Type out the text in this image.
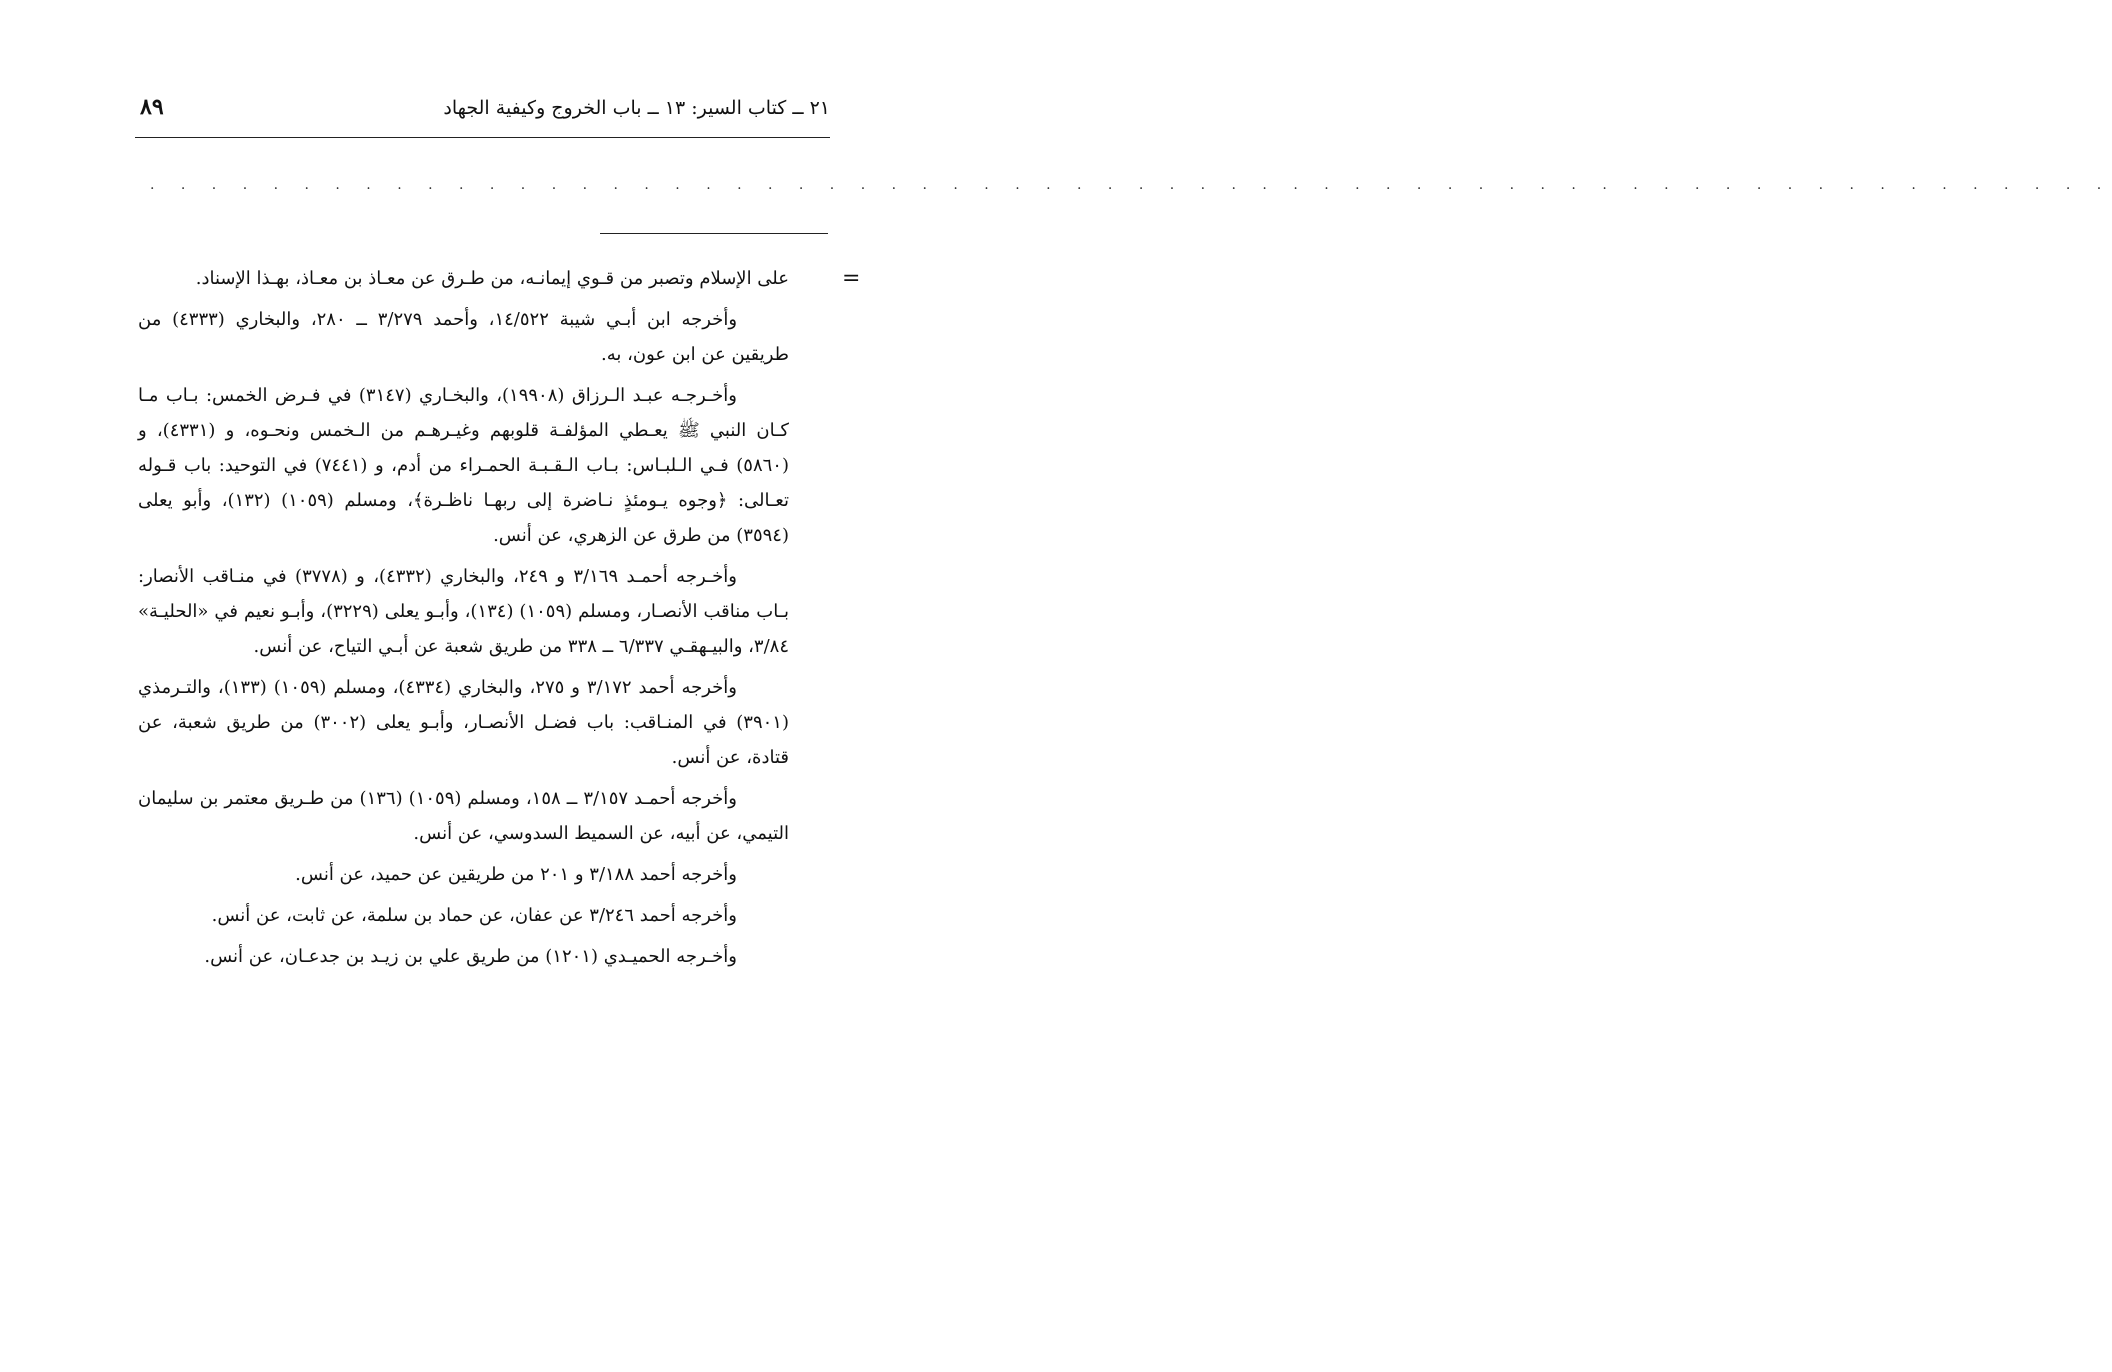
٢١ ــ كتاب السير: ١٣ ــ باب الخروج وكيفية الجهاد
٨٩
. . . . . . . . . . . . . . . . . . . . . . . . . . . . . . . . . . . . . . . . . . . . . . . . . . . . . . . . . . . . . . . .
=

على الإسلام وتصبر من قـوي إيمانـه، من طـرق عن معـاذ بن معـاذ، بهـذا الإسناد.

وأخرجه ابن أبـي شيبة ١٤/٥٢٢، وأحمد ٣/٢٧٩ ــ ٢٨٠، والبخاري (٤٣٣٣) من طريقين عن ابن عون، به.

وأخـرجـه عبـد الـرزاق (١٩٩٠٨)، والبخـاري (٣١٤٧) في فـرض الخمس: بـاب مـا كـان النبي ﷺ يعـطي المؤلفـة قلوبهم وغيـرهـم من الـخمس ونحـوه، و (٤٣٣١)، و (٥٨٦٠) فـي الـلبـاس: بـاب الـقـبـة الحمـراء من أدم، و (٧٤٤١) في التوحيد: باب قـوله تعـالى: ﴿وجوه يـومئذٍ نـاضرة إلى ربهـا ناظـرة﴾، ومسلم (١٠٥٩) (١٣٢)، وأبو يعلى (٣٥٩٤) من طرق عن الزهري، عن أنس.

وأخـرجه أحمـد ٣/١٦٩ و ٢٤٩، والبخاري (٤٣٣٢)، و (٣٧٧٨) في منـاقب الأنصار: بـاب مناقب الأنصـار، ومسلم (١٠٥٩) (١٣٤)، وأبـو يعلى (٣٢٢٩)، وأبـو نعيم في «الحليـة» ٣/٨٤، والبيـهقـي ٦/٣٣٧ ــ ٣٣٨ من طريق شعبة عن أبـي التياح، عن أنس.

وأخرجه أحمد ٣/١٧٢ و ٢٧٥، والبخاري (٤٣٣٤)، ومسلم (١٠٥٩) (١٣٣)، والتـرمذي (٣٩٠١) في المنـاقب: باب فضـل الأنصـار، وأبـو يعلى (٣٠٠٢) من طريق شعبة، عن قتادة، عن أنس.

وأخرجه أحمـد ٣/١٥٧ ــ ١٥٨، ومسلم (١٠٥٩) (١٣٦) من طـريق معتمر بن سليمان التيمي، عن أبيه، عن السميط السدوسي، عن أنس.

وأخرجه أحمد ٣/١٨٨ و ٢٠١ من طريقين عن حميد، عن أنس.

وأخرجه أحمد ٣/٢٤٦ عن عفان، عن حماد بن سلمة، عن ثابت، عن أنس.

وأخـرجه الحميـدي (١٢٠١) من طريق علي بن زيـد بن جدعـان، عن أنس.
